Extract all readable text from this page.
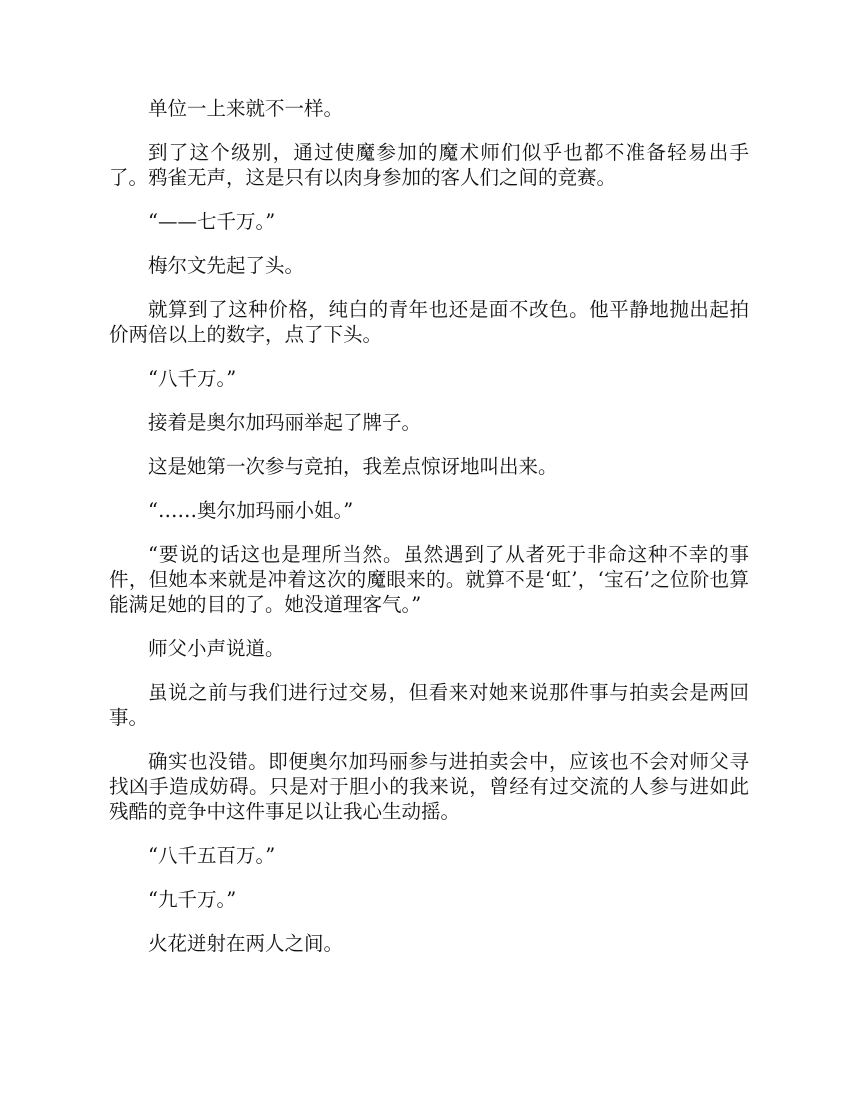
单位一上来就不一样。

到了这个级别，通过使魔参加的魔术师们似乎也都不准备轻易出手了。鸦雀无声，这是只有以肉身参加的客人们之间的竞赛。

“——七千万。”

梅尔文先起了头。

就算到了这种价格，纯白的青年也还是面不改色。他平静地抛出起拍价两倍以上的数字，点了下头。

“八千万。”

接着是奥尔加玛丽举起了牌子。

这是她第一次参与竞拍，我差点惊讶地叫出来。

“……奥尔加玛丽小姐。”

“要说的话这也是理所当然。虽然遇到了从者死于非命这种不幸的事件，但她本来就是冲着这次的魔眼来的。就算不是‘虹’，‘宝石’之位阶也算能满足她的目的了。她没道理客气。”

师父小声说道。

虽说之前与我们进行过交易，但看来对她来说那件事与拍卖会是两回事。

确实也没错。即便奥尔加玛丽参与进拍卖会中，应该也不会对师父寻找凶手造成妨碍。只是对于胆小的我来说，曾经有过交流的人参与进如此残酷的竞争中这件事足以让我心生动摇。

“八千五百万。”

“九千万。”

火花迸射在两人之间。
